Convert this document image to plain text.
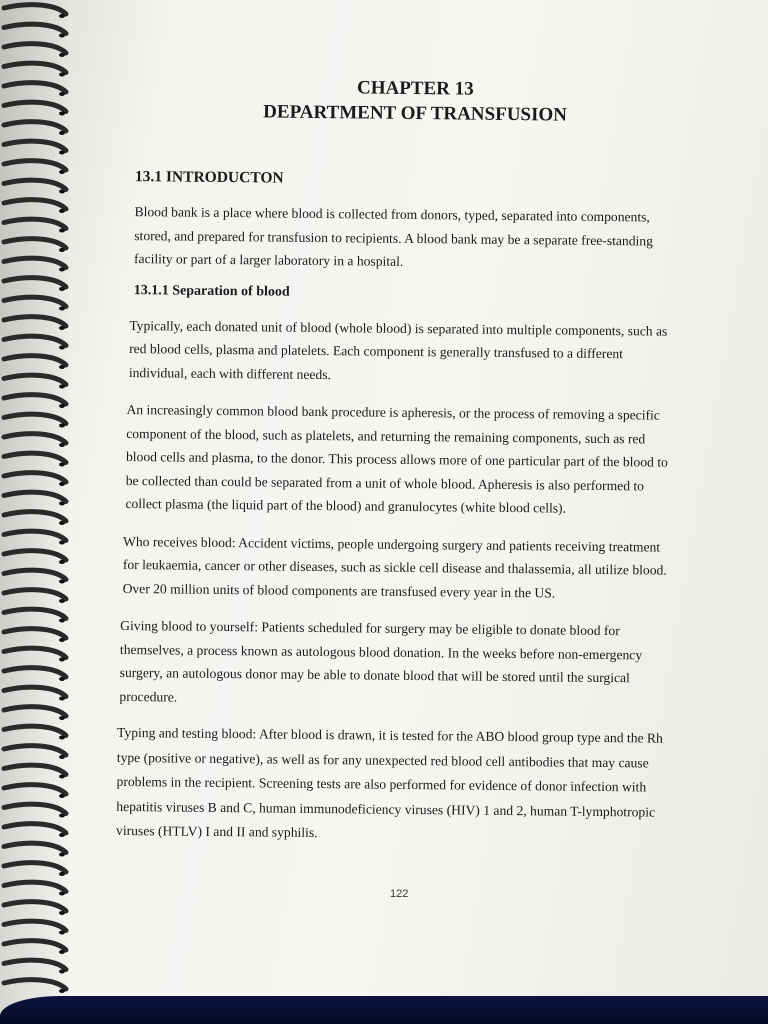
CHAPTER 13
DEPARTMENT OF TRANSFUSION
13.1 INTRODUCTON

Blood bank is a place where blood is collected from donors, typed, separated into components, stored, and prepared for transfusion to recipients. A blood bank may be a separate free-standing facility or part of a larger laboratory in a hospital.

13.1.1 Separation of blood

Typically, each donated unit of blood (whole blood) is separated into multiple components, such as red blood cells, plasma and platelets. Each component is generally transfused to a different individual, each with different needs.

An increasingly common blood bank procedure is apheresis, or the process of removing a specific component of the blood, such as platelets, and returning the remaining components, such as red blood cells and plasma, to the donor. This process allows more of one particular part of the blood to be collected than could be separated from a unit of whole blood. Apheresis is also performed to collect plasma (the liquid part of the blood) and granulocytes (white blood cells).

Who receives blood: Accident victims, people undergoing surgery and patients receiving treatment for leukaemia, cancer or other diseases, such as sickle cell disease and thalassemia, all utilize blood. Over 20 million units of blood components are transfused every year in the US.

Giving blood to yourself: Patients scheduled for surgery may be eligible to donate blood for themselves, a process known as autologous blood donation. In the weeks before non-emergency surgery, an autologous donor may be able to donate blood that will be stored until the surgical procedure.

Typing and testing blood: After blood is drawn, it is tested for the ABO blood group type and the Rh type (positive or negative), as well as for any unexpected red blood cell antibodies that may cause problems in the recipient. Screening tests are also performed for evidence of donor infection with hepatitis viruses B and C, human immunodeficiency viruses (HIV) 1 and 2, human T-lymphotropic viruses (HTLV) I and II and syphilis.

122
